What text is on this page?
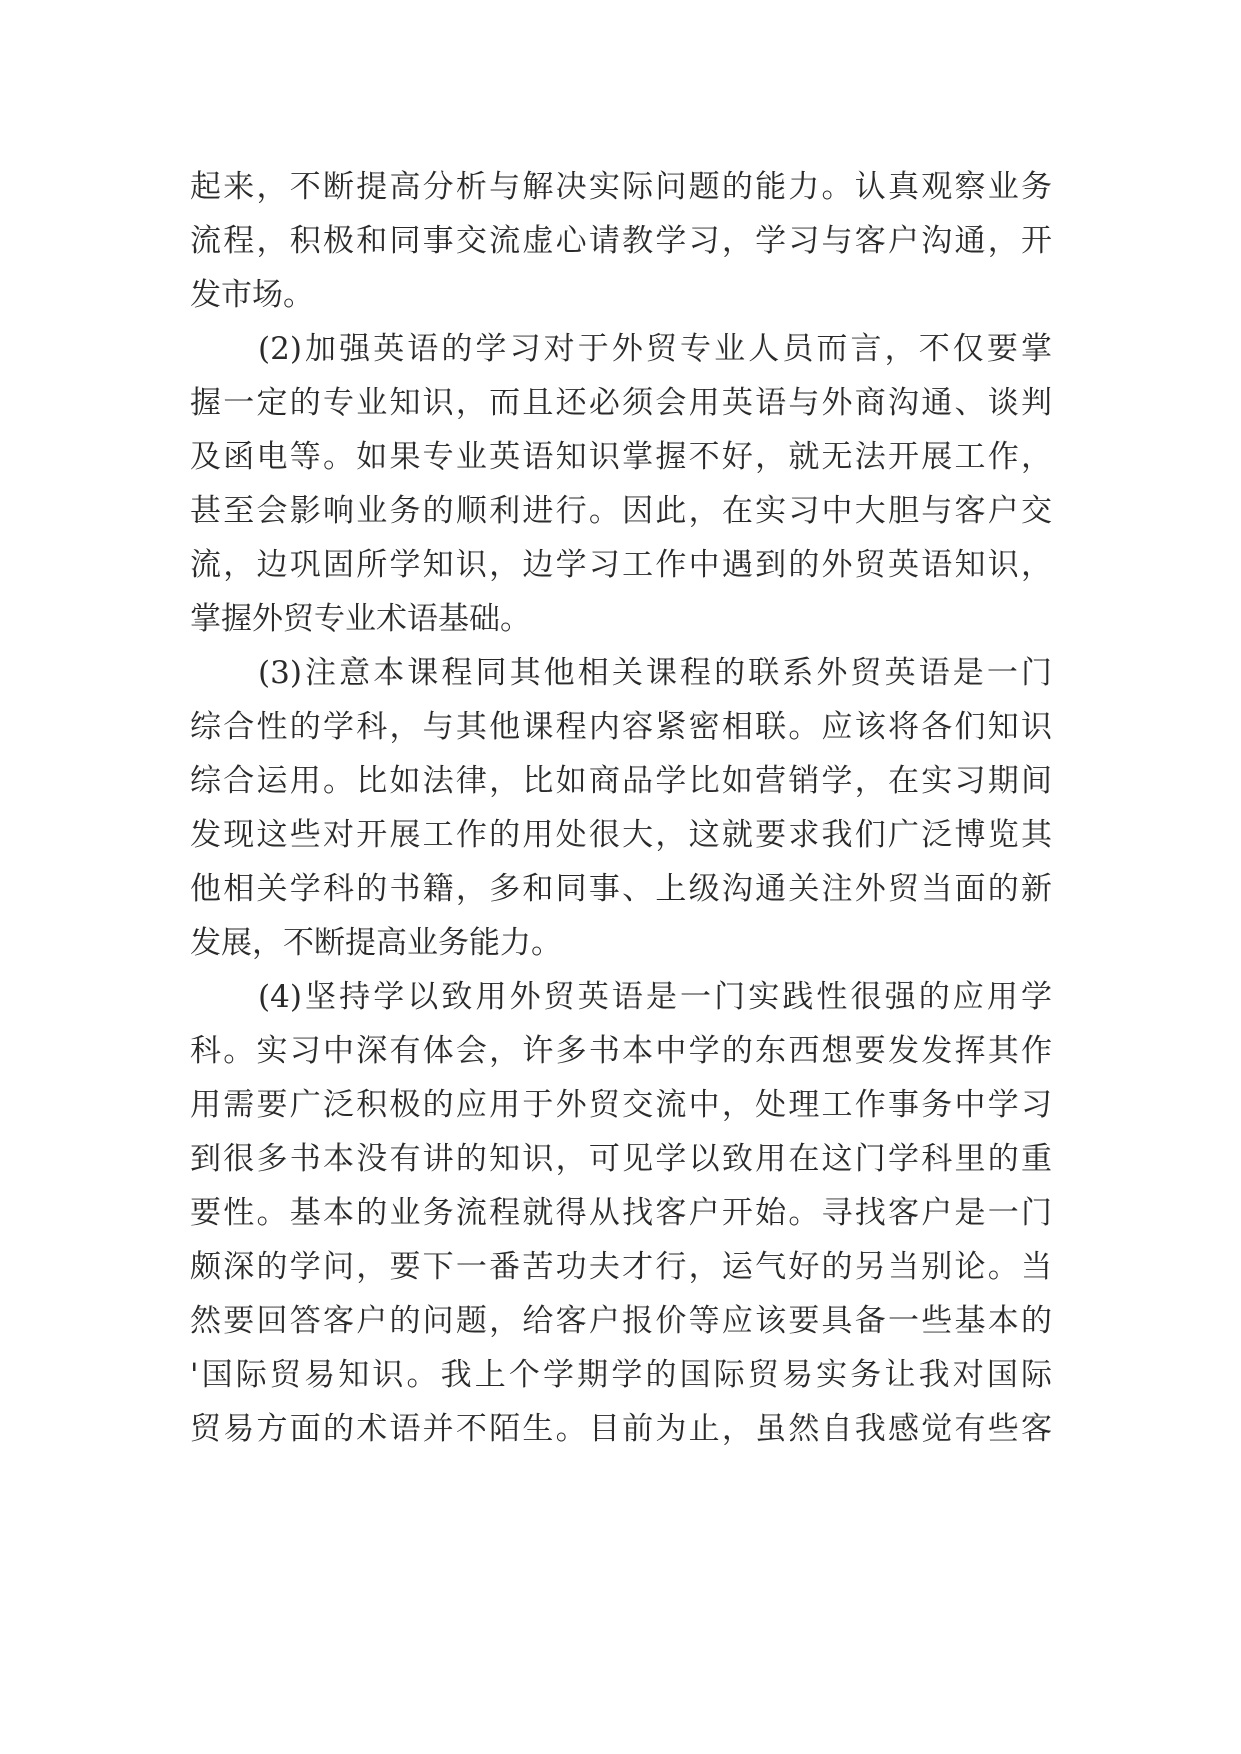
起来，不断提高分析与解决实际问题的能力。认真观察业务
流程，积极和同事交流虚心请教学习，学习与客户沟通，开
发市场。
(2)加强英语的学习对于外贸专业人员而言，不仅要掌
握一定的专业知识，而且还必须会用英语与外商沟通、谈判
及函电等。如果专业英语知识掌握不好，就无法开展工作，
甚至会影响业务的顺利进行。因此，在实习中大胆与客户交
流，边巩固所学知识，边学习工作中遇到的外贸英语知识，
掌握外贸专业术语基础。
(3)注意本课程同其他相关课程的联系外贸英语是一门
综合性的学科，与其他课程内容紧密相联。应该将各们知识
综合运用。比如法律，比如商品学比如营销学，在实习期间
发现这些对开展工作的用处很大，这就要求我们广泛博览其
他相关学科的书籍，多和同事、上级沟通关注外贸当面的新
发展，不断提高业务能力。
(4)坚持学以致用外贸英语是一门实践性很强的应用学
科。实习中深有体会，许多书本中学的东西想要发发挥其作
用需要广泛积极的应用于外贸交流中，处理工作事务中学习
到很多书本没有讲的知识，可见学以致用在这门学科里的重
要性。基本的业务流程就得从找客户开始。寻找客户是一门
颇深的学问，要下一番苦功夫才行，运气好的另当别论。当
然要回答客户的问题，给客户报价等应该要具备一些基本的
'国际贸易知识。我上个学期学的国际贸易实务让我对国际
贸易方面的术语并不陌生。目前为止，虽然自我感觉有些客
